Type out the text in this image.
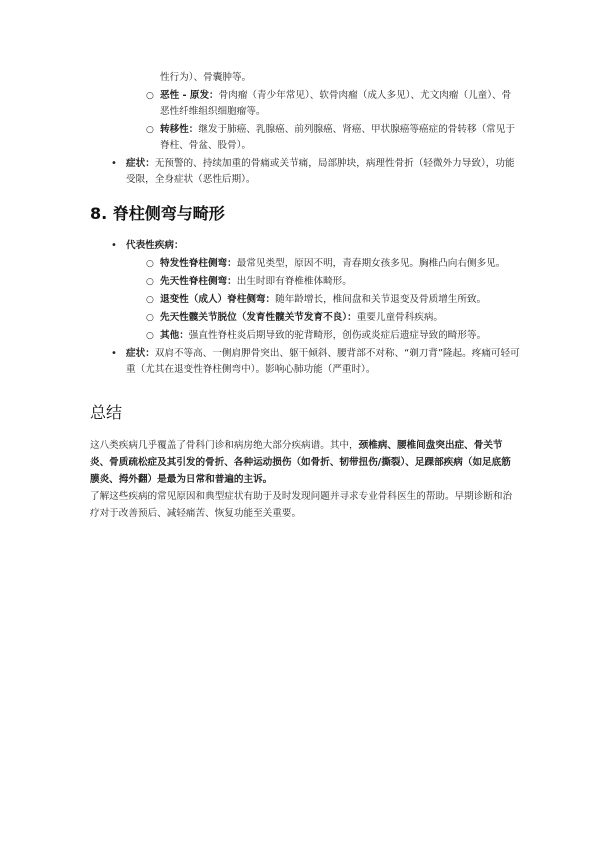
性行为）、骨囊肿等。
○ 恶性 - 原发：骨肉瘤（青少年常见）、软骨肉瘤（成人多见）、尤文肉瘤（儿童）、骨恶性纤维组织细胞瘤等。
○ 转移性：继发于肺癌、乳腺癌、前列腺癌、肾癌、甲状腺癌等癌症的骨转移（常见于脊柱、骨盆、股骨）。
• 症状：无预警的、持续加重的骨痛或关节痛，局部肿块，病理性骨折（轻微外力导致），功能受限，全身症状（恶性后期）。
8. 脊柱侧弯与畸形
• 代表性疾病：
○ 特发性脊柱侧弯：最常见类型，原因不明，青春期女孩多见。胸椎凸向右侧多见。
○ 先天性脊柱侧弯：出生时即有脊椎椎体畸形。
○ 退变性（成人）脊柱侧弯：随年龄增长，椎间盘和关节退变及骨质增生所致。
○ 先天性髋关节脱位（发育性髋关节发育不良）：重要儿童骨科疾病。
○ 其他：强直性脊柱炎后期导致的驼背畸形，创伤或炎症后遗症导致的畸形等。
• 症状：双肩不等高、一侧肩胛骨突出、躯干倾斜、腰背部不对称、“剃刀背”隆起。疼痛可轻可重（尤其在退变性脊柱侧弯中）。影响心肺功能（严重时）。
总结

这八类疾病几乎覆盖了骨科门诊和病房绝大部分疾病谱。其中，颈椎病、腰椎间盘突出症、骨关节炎、骨质疏松症及其引发的骨折、各种运动损伤（如骨折、韧带扭伤/撕裂）、足踝部疾病（如足底筋膜炎、拇外翻）是最为日常和普遍的主诉。

了解这些疾病的常见原因和典型症状有助于及时发现问题并寻求专业骨科医生的帮助。早期诊断和治疗对于改善预后、减轻痛苦、恢复功能至关重要。
